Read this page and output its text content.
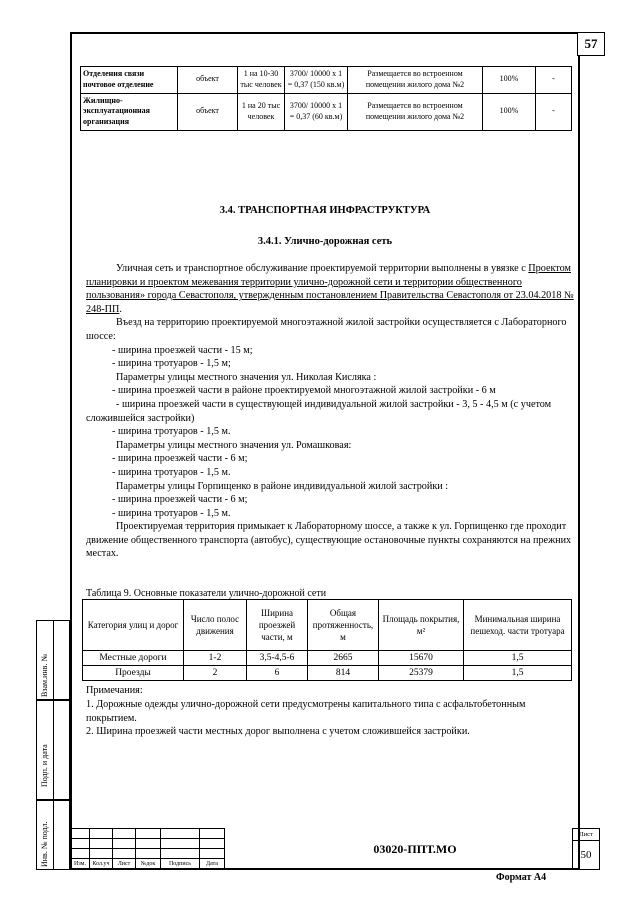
57
Отделения связи почтовое отделение	объект	1 на 10-30 тыс человек	3700/ 10000 х 1 = 0,37 (150 кв.м)	Размещается во встроенном помещении жилого дома №2	100%	-
Жилищно-эксплуатационная организация	объект	1 на 20 тыс человек	3700/ 10000 х 1 = 0,37 (60 кв.м)	Размещается во встроенном помещении жилого дома №2	100%	-
3.4. ТРАНСПОРТНАЯ ИНФРАСТРУКТУРА
3.4.1. Улично-дорожная сеть

Уличная сеть и транспортное обслуживание проектируемой территории выполнены в увязке с Проектом планировки и проектом межевания территории улично-дорожной сети и территории общественного пользования» города Севастополя, утвержденным постановлением Правительства Севастополя от 23.04.2018 № 248-ПП.

Въезд на территорию проектируемой многоэтажной жилой застройки осуществляется с Лабораторного шоссе:

- ширина проезжей части - 15 м;

- ширина тротуаров - 1,5 м;

Параметры улицы местного значения ул. Николая Кисляка :

- ширина проезжей части в районе проектируемой многоэтажной жилой застройки - 6 м

- ширина проезжей части в существующей индивидуальной жилой застройки - 3, 5 - 4,5 м (с учетом сложившейся застройки)

- ширина тротуаров - 1,5 м.

Параметры улицы местного значения ул. Ромашковая:

- ширина проезжей части - 6 м;

- ширина тротуаров - 1,5 м.

Параметры улицы Горпищенко в районе индивидуальной жилой застройки :

- ширина проезжей части - 6 м;

- ширина тротуаров - 1,5 м.

Проектируемая территория примыкает к Лабораторному шоссе, а также к ул. Горпищенко где проходит движение общественного транспорта (автобус), существующие остановочные пункты сохраняются на прежних местах.

Таблица 9. Основные показатели улично-дорожной сети
Категория улиц и дорог	Число полос движения	Ширина проезжей части, м	Общая протяженность, м	Площадь покрытия, м²	Минимальная ширина пешеход. части тротуара
Местные дороги	1-2	3,5-4,5-6	2665	15670	1,5
Проезды	2	6	814	25379	1,5

Примечания:

1. Дорожные одежды улично-дорожной сети предусмотрены капитального типа с асфальтобетонным покрытием.

2. Ширина проезжей части местных дорог выполнена с учетом сложившейся застройки.

Взам.инв. №
Подп. и дата
Инв. № подл.

						Изм.	Кол.уч	Лист	№док	Подпись	Дата
03020-ППТ.МО
Лист
50
Формат А4
